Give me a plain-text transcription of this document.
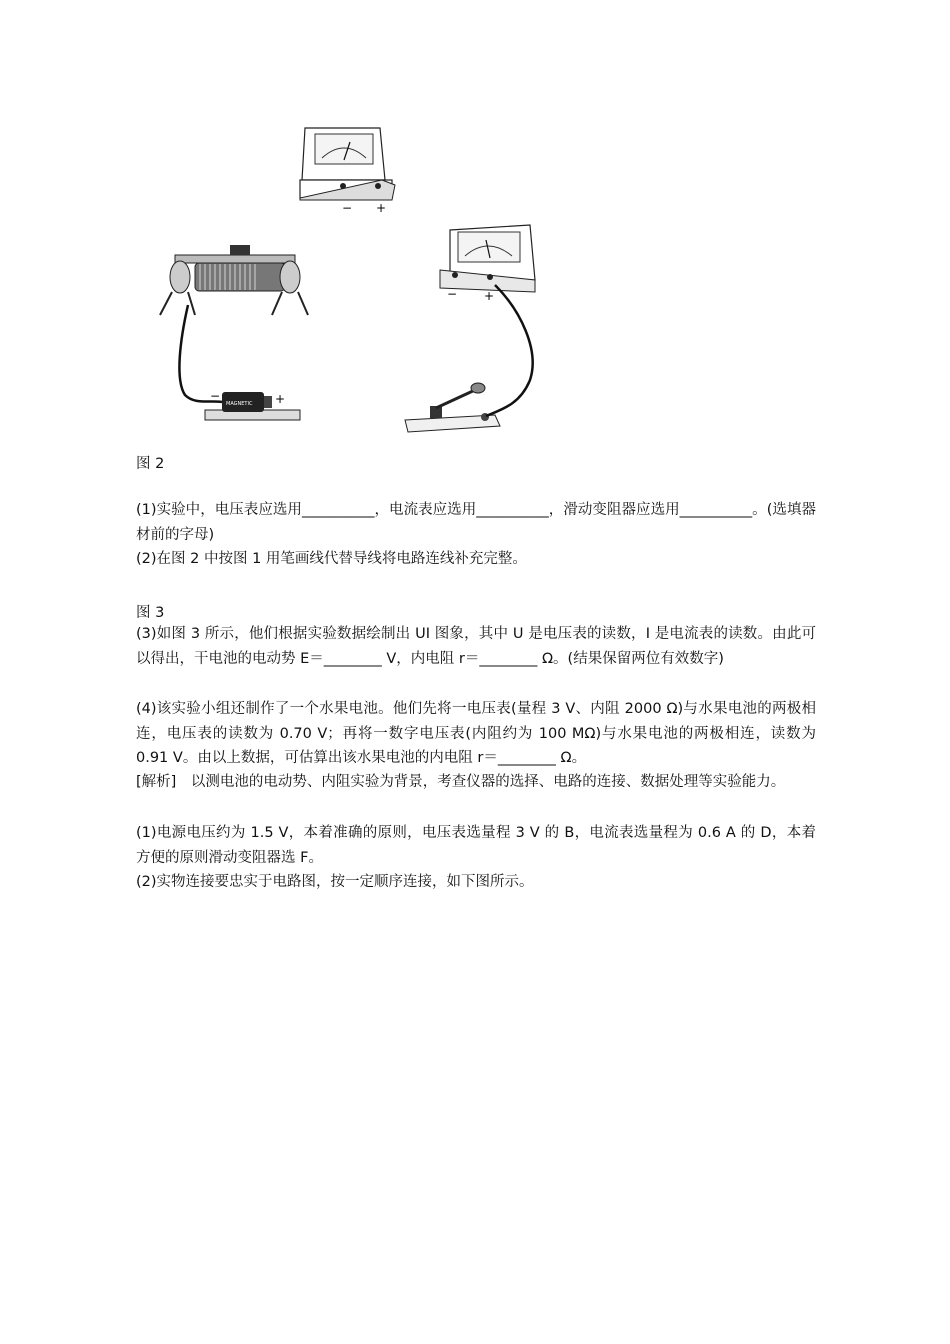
− +
− +
MAGNETIC
−	+
图 2
(1)实验中，电压表应选用__________，电流表应选用__________，滑动变阻器应选用__________。(选填器材前的字母)
(2)在图 2 中按图 1 用笔画线代替导线将电路连线补充完整。
图 3
(3)如图 3 所示，他们根据实验数据绘制出 UI 图象，其中 U 是电压表的读数，I 是电流表的读数。由此可以得出，干电池的电动势 E＝________ V，内电阻 r＝________ Ω。(结果保留两位有效数字)
(4)该实验小组还制作了一个水果电池。他们先将一电压表(量程 3 V、内阻 2000 Ω)与水果电池的两极相连，电压表的读数为 0.70 V；再将一数字电压表(内阻约为 100 MΩ)与水果电池的两极相连，读数为 0.91 V。由以上数据，可估算出该水果电池的内电阻 r＝________ Ω。
[解析]　以测电池的电动势、内阻实验为背景，考查仪器的选择、电路的连接、数据处理等实验能力。
(1)电源电压约为 1.5 V，本着准确的原则，电压表选量程 3 V 的 B，电流表选量程为 0.6 A 的 D，本着方便的原则滑动变阻器选 F。
(2)实物连接要忠实于电路图，按一定顺序连接，如下图所示。
